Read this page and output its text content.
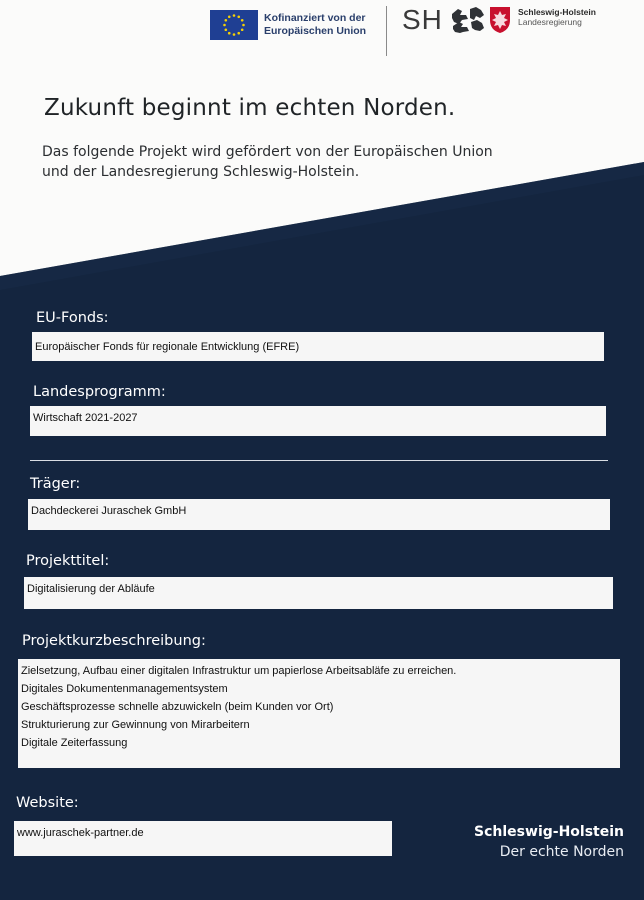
Kofinanziert von der
Europäischen Union SH	Schleswig-Holstein
Landesregierung
Zukunft beginnt im echten Norden.
Das folgende Projekt wird gefördert von der Europäischen Union
und der Landesregierung Schleswig-Holstein.
EU-Fonds:
Europäischer Fonds für regionale Entwicklung (EFRE)
Landesprogramm:
Wirtschaft 2021-2027
Träger:
Dachdeckerei Juraschek GmbH
Projekttitel:
Digitalisierung der Abläufe
Projektkurzbeschreibung:
Zielsetzung, Aufbau einer digitalen Infrastruktur um papierlose Arbeitsabläfe zu erreichen.
Digitales Dokumentenmanagementsystem
Geschäftsprozesse schnelle abzuwickeln (beim Kunden vor Ort)
Strukturierung zur Gewinnung von Mirarbeitern
Digitale Zeiterfassung
Website:
www.juraschek-partner.de	Schleswig-Holstein
Der echte Norden
